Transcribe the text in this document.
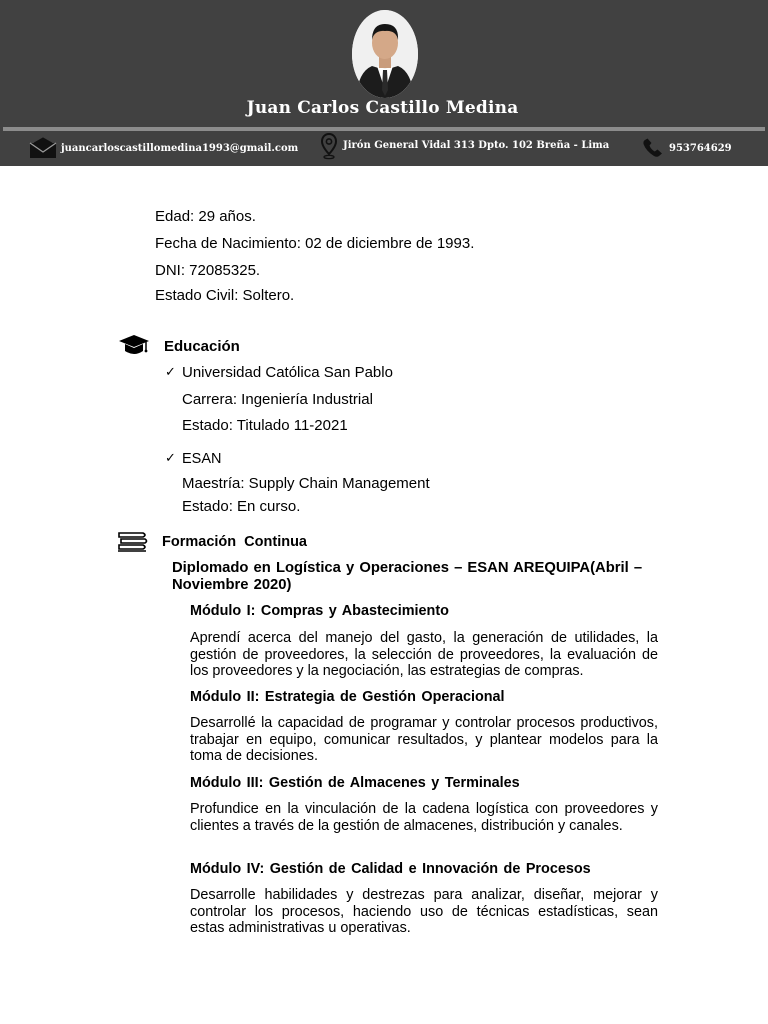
Juan Carlos Castillo Medina
juancarloscastillomedina1993@gmail.com	Jirón General Vidal 313 Dpto. 102 Breña - Lima	953764629
Edad: 29 años.
Fecha de Nacimiento: 02 de diciembre de 1993.
DNI: 72085325.
Estado Civil: Soltero.
Educación
✓ Universidad Católica San Pablo
Carrera: Ingeniería Industrial
Estado: Titulado 11-2021
✓ ESAN
Maestría: Supply Chain Management
Estado: En curso.
Formación  Continua
Diplomado en Logística y Operaciones – ESAN AREQUIPA(Abril – Noviembre 2020)
Módulo I: Compras y Abastecimiento
Aprendí acerca del manejo del gasto, la generación de utilidades, la gestión de proveedores, la selección de proveedores, la evaluación de los proveedores y la negociación, las estrategias de compras.
Módulo II: Estrategia de Gestión Operacional
Desarrollé la capacidad de programar y controlar procesos productivos, trabajar en equipo, comunicar resultados, y plantear modelos para la toma de decisiones.
Módulo III: Gestión de Almacenes y Terminales
Profundice en la vinculación de la cadena logística con proveedores y clientes a través de la gestión de almacenes, distribución y canales.
Módulo IV: Gestión de Calidad e Innovación de Procesos
Desarrolle habilidades y destrezas para analizar, diseñar, mejorar y controlar los procesos, haciendo uso de técnicas estadísticas, sean estas administrativas u operativas.
